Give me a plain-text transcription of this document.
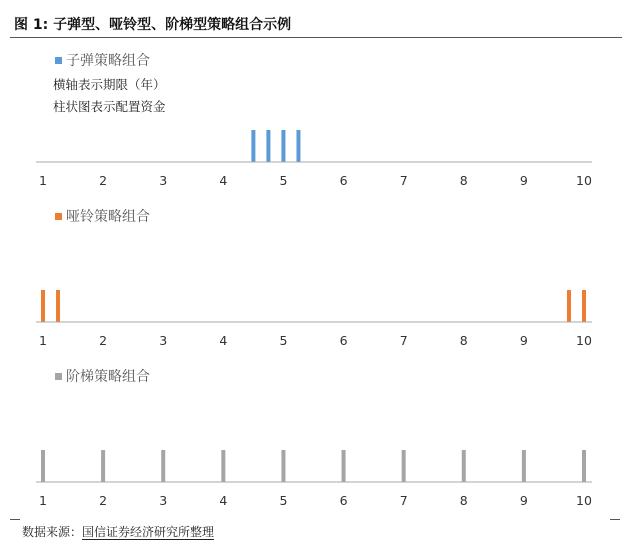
图 1: 子弹型、哑铃型、阶梯型策略组合示例
子弹策略组合
横轴表示期限（年）
柱状图表示配置资金
1	2	3	4	5	6	7	8	9	10
哑铃策略组合
1	2	3	4	5	6	7	8	9	10
阶梯策略组合
1	2	3	4	5	6	7	8	9	10
数据来源：国信证券经济研究所整理
